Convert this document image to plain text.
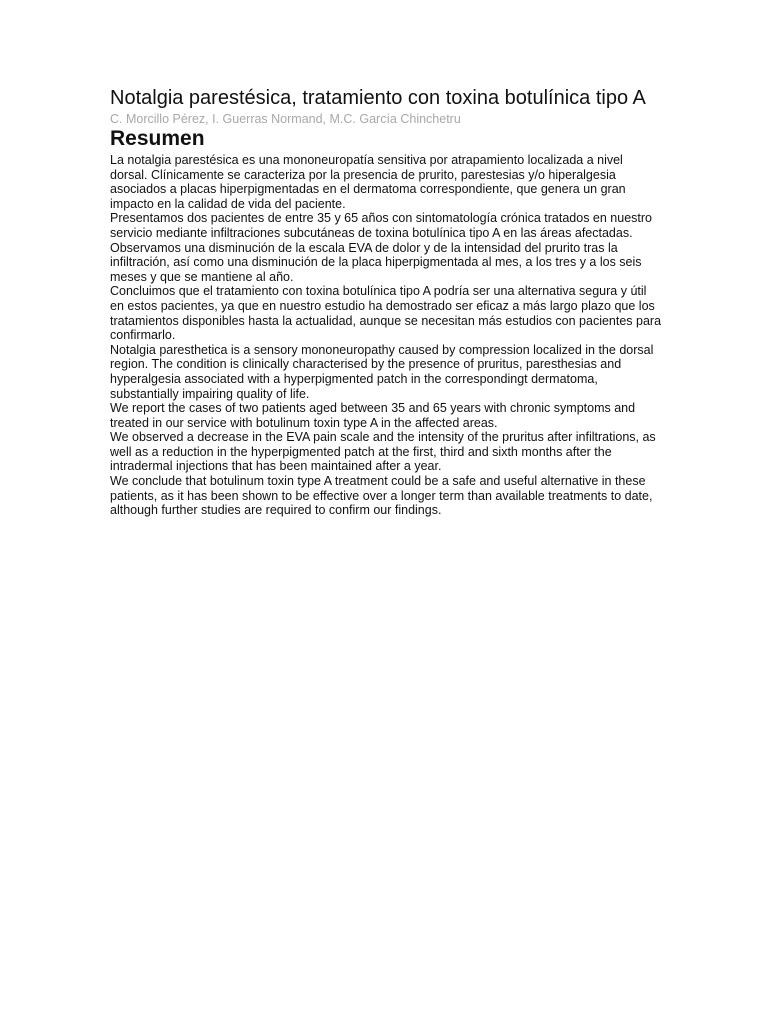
Notalgia parestésica, tratamiento con toxina botulínica tipo A

C. Morcillo Pérez, I. Guerras Normand, M.C. García Chinchetru

Resumen

La notalgia parestésica es una mononeuropatía sensitiva por atrapamiento localizada a nivel dorsal. Clínicamente se caracteriza por la presencia de prurito, parestesias y/o hiperalgesia asociados a placas hiperpigmentadas en el dermatoma correspondiente, que genera un gran impacto en la calidad de vida del paciente.

Presentamos dos pacientes de entre 35 y 65 años con sintomatología crónica tratados en nuestro servicio mediante infiltraciones subcutáneas de toxina botulínica tipo A en las áreas afectadas.

Observamos una disminución de la escala EVA de dolor y de la intensidad del prurito tras la infiltración, así como una disminución de la placa hiperpigmentada al mes, a los tres y a los seis meses y que se mantiene al año.

Concluimos que el tratamiento con toxina botulínica tipo A podría ser una alternativa segura y útil en estos pacientes, ya que en nuestro estudio ha demostrado ser eficaz a más largo plazo que los tratamientos disponibles hasta la actualidad, aunque se necesitan más estudios con pacientes para confirmarlo.

Notalgia paresthetica is a sensory mononeuropathy caused by compression localized in the dorsal region. The condition is clinically characterised by the presence of pruritus, paresthesias and hyperalgesia associated with a hyperpigmented patch in the correspondingt dermatoma, substantially impairing quality of life.

We report the cases of two patients aged between 35 and 65 years with chronic symptoms and treated in our service with botulinum toxin type A in the affected areas.

We observed a decrease in the EVA pain scale and the intensity of the pruritus after infiltrations, as well as a reduction in the hyperpigmented patch at the first, third and sixth months after the intradermal injections that has been maintained after a year.

We conclude that botulinum toxin type A treatment could be a safe and useful alternative in these patients, as it has been shown to be effective over a longer term than available treatments to date, although further studies are required to confirm our findings.
